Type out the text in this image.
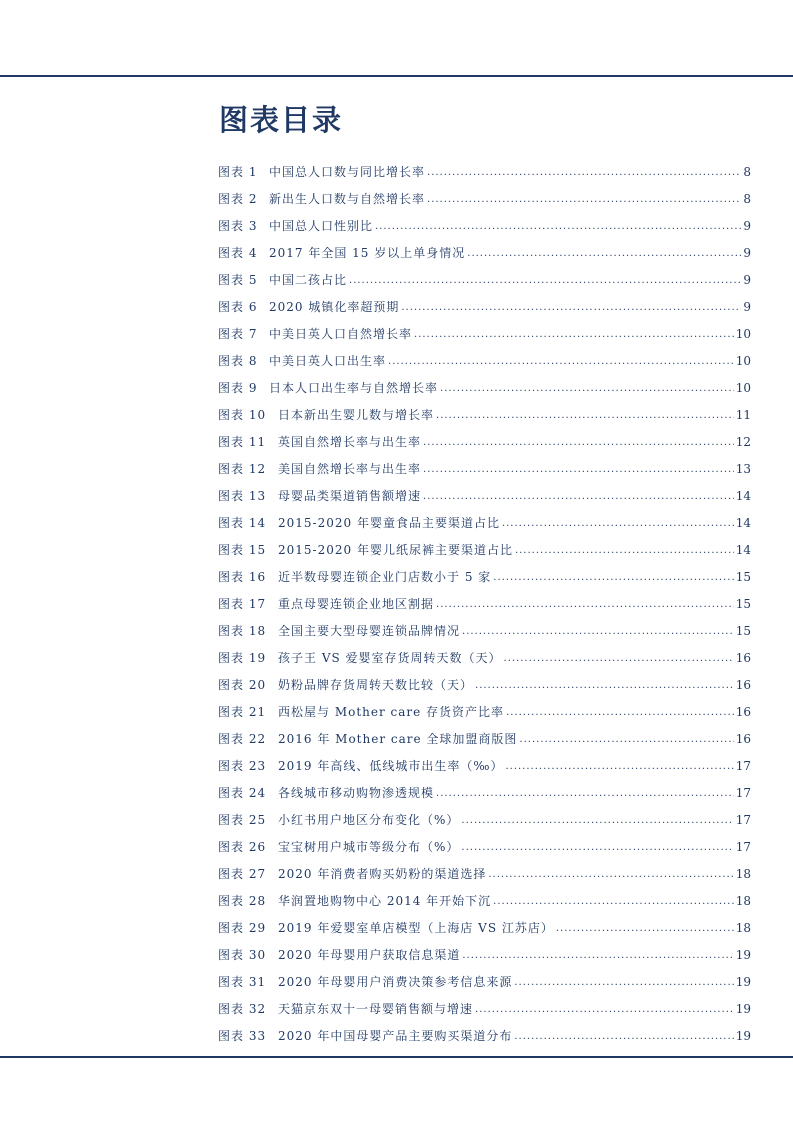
图表目录
图表 1 中国总人口数与同比增长率 .....	8
图表 2 新出生人口数与自然增长率 .....	8
图表 3 中国总人口性别比 .....	9
图表 4 2017 年全国 15 岁以上单身情况 .....	9
图表 5 中国二孩占比 .....	9
图表 6 2020 城镇化率超预期 .....	9
图表 7 中美日英人口自然增长率 .....	10
图表 8 中美日英人口出生率 .....	10
图表 9 日本人口出生率与自然增长率 .....	10
图表 10 日本新出生婴儿数与增长率 .....	11
图表 11 英国自然增长率与出生率 .....	12
图表 12 美国自然增长率与出生率 .....	13
图表 13 母婴品类渠道销售额增速 .....	14
图表 14 2015-2020 年婴童食品主要渠道占比 .....	14
图表 15 2015-2020 年婴儿纸尿裤主要渠道占比 .....	14
图表 16 近半数母婴连锁企业门店数小于 5 家 .....	15
图表 17 重点母婴连锁企业地区割据 .....	15
图表 18 全国主要大型母婴连锁品牌情况 .....	15
图表 19 孩子王 VS 爱婴室存货周转天数（天） .....	16
图表 20 奶粉品牌存货周转天数比较（天） .....	16
图表 21 西松屋与 Mother care 存货资产比率 .....	16
图表 22 2016 年 Mother care 全球加盟商版图 .....	16
图表 23 2019 年高线、低线城市出生率（‰） .....	17
图表 24 各线城市移动购物渗透规模 .....	17
图表 25 小红书用户地区分布变化（%） .....	17
图表 26 宝宝树用户城市等级分布（%） .....	17
图表 27 2020 年消费者购买奶粉的渠道选择 .....	18
图表 28 华润置地购物中心 2014 年开始下沉 .....	18
图表 29 2019 年爱婴室单店模型（上海店 VS 江苏店） .....	18
图表 30 2020 年母婴用户获取信息渠道 .....	19
图表 31 2020 年母婴用户消费决策参考信息来源 .....	19
图表 32 天猫京东双十一母婴销售额与增速 .....	19
图表 33 2020 年中国母婴产品主要购买渠道分布 .....	19
